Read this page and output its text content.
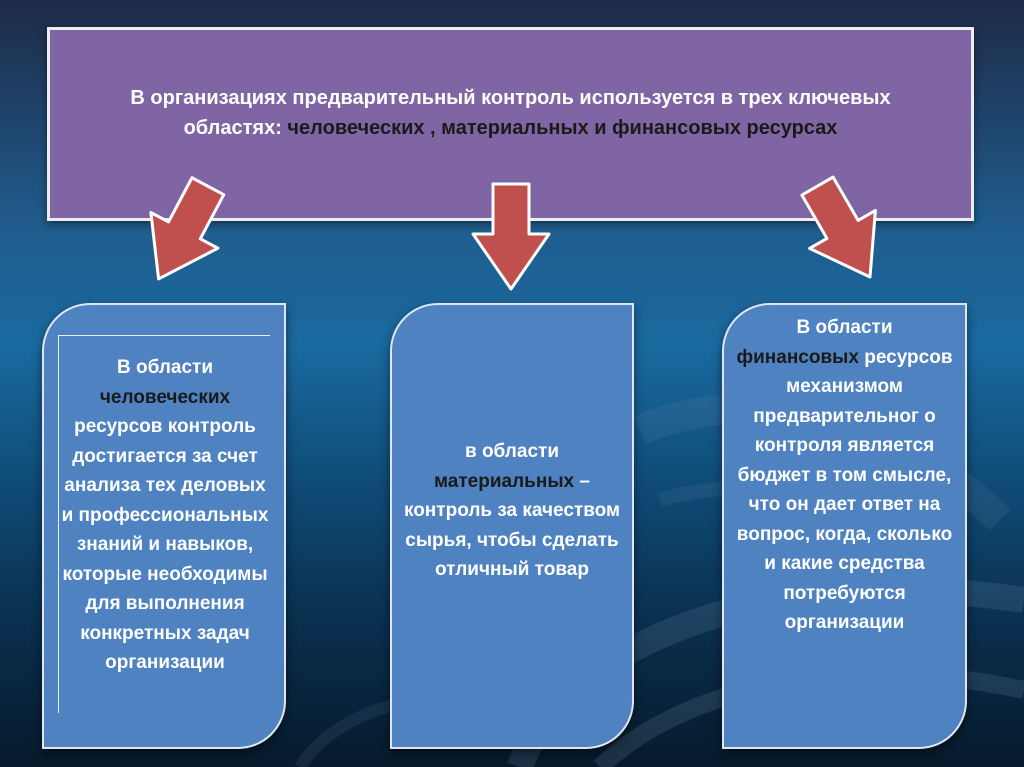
В организациях предварительный контроль используется в трех ключевых
областях: человеческих , материальных и финансовых ресурсах
В области
человеческих ресурсов контроль достигается за счет анализа тех деловых и профессиональных знаний и навыков, которые необходимы для выполнения конкретных задач организации
в области
материальных – контроль за качеством сырья, чтобы сделать отличный товар
В области
финансовых ресурсов механизмом предварительног о контроля является бюджет в том смысле, что он дает ответ на вопрос, когда, сколько и какие средства потребуются организации
